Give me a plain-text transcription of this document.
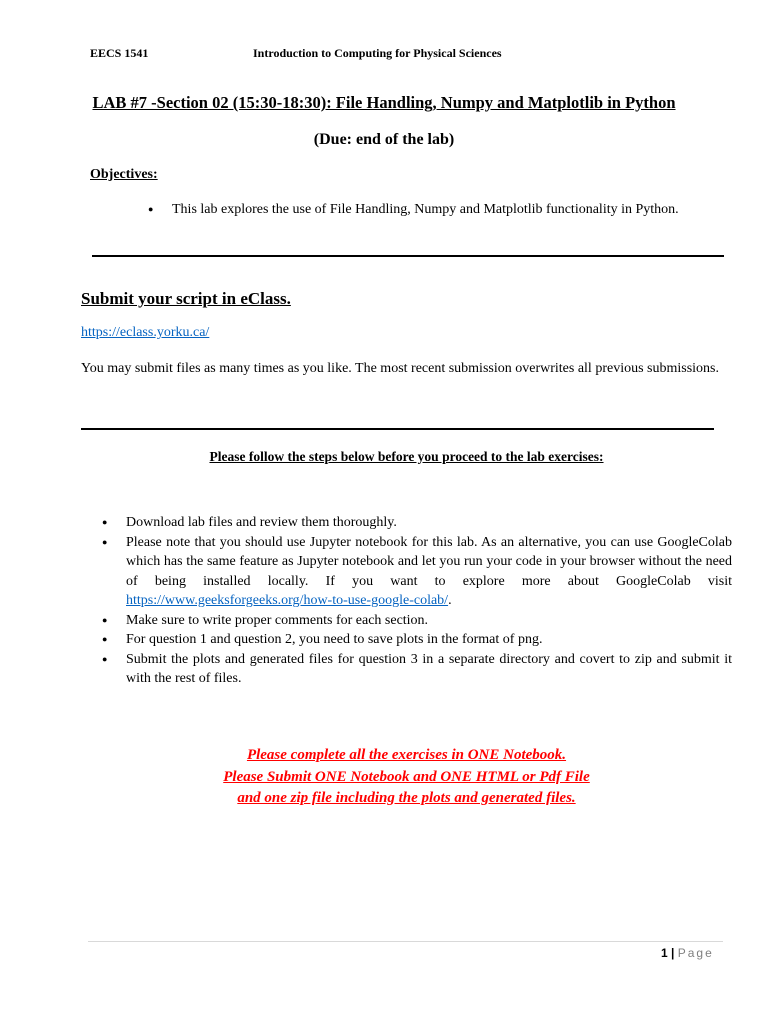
EECS 1541	Introduction to Computing for Physical Sciences
LAB #7 -Section 02 (15:30-18:30): File Handling, Numpy and Matplotlib in Python
(Due: end of the lab)
Objectives:
● This lab explores the use of File Handling, Numpy and Matplotlib functionality in Python.
Submit your script in eClass.
https://eclass.yorku.ca/
You may submit files as many times as you like. The most recent submission overwrites all previous submissions.
Please follow the steps below before you proceed to the lab exercises:
● Download lab files and review them thoroughly.
● Please note that you should use Jupyter notebook for this lab. As an alternative, you can use GoogleColab which has the same feature as Jupyter notebook and let you run your code in your browser without the need of being installed locally. If you want to explore more about GoogleColab visit https://www.geeksforgeeks.org/how-to-use-google-colab/.
● Make sure to write proper comments for each section.
● For question 1 and question 2, you need to save plots in the format of png.
● Submit the plots and generated files for question 3 in a separate directory and covert to zip and submit it with the rest of files.
Please complete all the exercises in ONE Notebook.
Please Submit ONE Notebook and ONE HTML or Pdf File
and one zip file including the plots and generated files.
1 | Page
